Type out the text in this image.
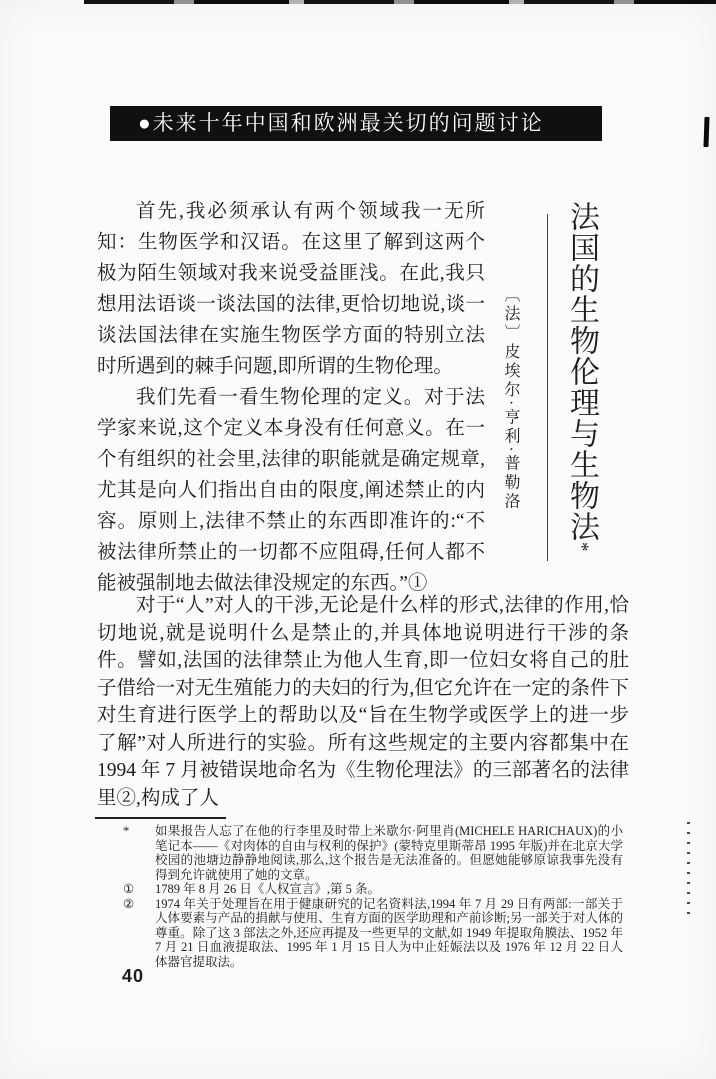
●未来十年中国和欧洲最关切的问题讨论

首先,我必须承认有两个领域我一无所知：生物医学和汉语。在这里了解到这两个极为陌生领域对我来说受益匪浅。在此,我只想用法语谈一谈法国的法律,更恰切地说,谈一谈法国法律在实施生物医学方面的特别立法时所遇到的棘手问题,即所谓的生物伦理。

我们先看一看生物伦理的定义。对于法学家来说,这个定义本身没有任何意义。在一个有组织的社会里,法律的职能就是确定规章,尤其是向人们指出自由的限度,阐述禁止的内容。原则上,法律不禁止的东西即准许的:“不被法律所禁止的一切都不应阻碍,任何人都不能被强制地去做法律没规定的东西。”①

〔法〕皮埃尔·亨利·普勒洛 法国的生物伦理与生物法*

对于“人”对人的干涉,无论是什么样的形式,法律的作用,恰切地说,就是说明什么是禁止的,并具体地说明进行干涉的条件。譬如,法国的法律禁止为他人生育,即一位妇女将自己的肚子借给一对无生殖能力的夫妇的行为,但它允许在一定的条件下对生育进行医学上的帮助以及“旨在生物学或医学上的进一步了解”对人所进行的实验。所有这些规定的主要内容都集中在 1994 年 7 月被错误地命名为《生物伦理法》的三部著名的法律里②,构成了人

*	如果报告人忘了在他的行李里及时带上米歇尔·阿里肖(MICHELE HARICHAUX)的小笔记本——《对肉体的自由与权利的保护》(蒙特克里斯蒂昂 1995 年版)并在北京大学校园的池塘边静静地阅读,那么,这个报告是无法准备的。但愿她能够原谅我事先没有得到允许就使用了她的文章。

①	1789 年 8 月 26 日《人权宣言》,第 5 条。

②	1974 年关于处理旨在用于健康研究的记名资料法,1994 年 7 月 29 日有两部:一部关于人体要素与产品的捐献与使用、生育方面的医学助理和产前诊断;另一部关于对人体的尊重。除了这 3 部法之外,还应再提及一些更早的文献,如 1949 年提取角膜法、1952 年 7 月 21 日血液提取法、1995 年 1 月 15 日人为中止妊娠法以及 1976 年 12 月 22 日人体器官提取法。

40
